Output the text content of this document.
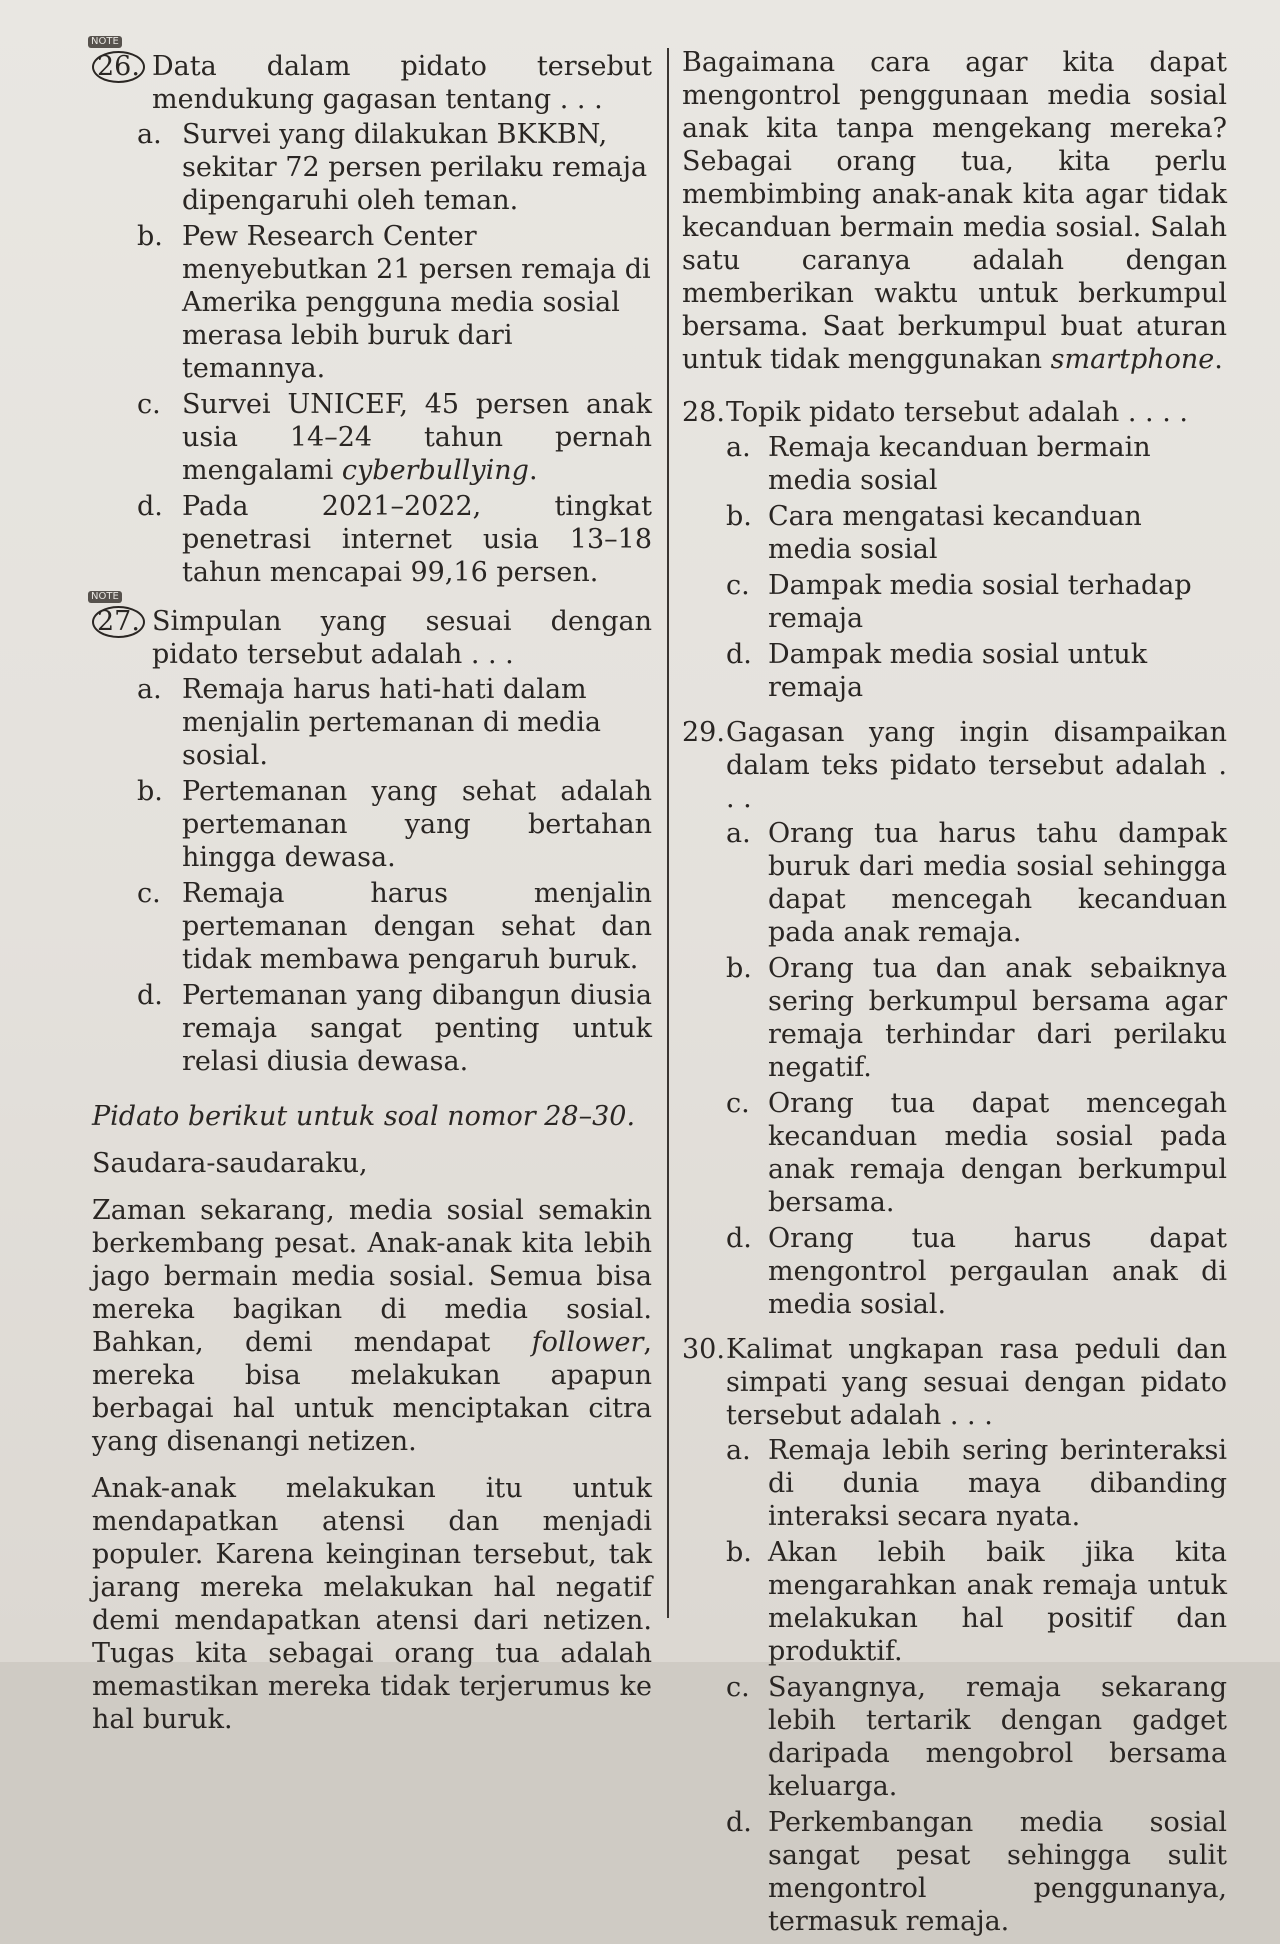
NOTE
26. Data dalam pidato tersebut mendukung gagasan tentang . . .
a. Survei yang dilakukan BKKBN, sekitar 72 persen perilaku remaja dipengaruhi oleh teman.
b. Pew Research Center menyebutkan 21 persen remaja di Amerika pengguna media sosial merasa lebih buruk dari temannya.
c. Survei UNICEF, 45 persen anak usia 14–24 tahun pernah mengalami cyberbullying.
d. Pada 2021–2022, tingkat penetrasi internet usia 13–18 tahun mencapai 99,16 persen.
NOTE
27. Simpulan yang sesuai dengan pidato tersebut adalah . . .
a. Remaja harus hati-hati dalam menjalin pertemanan di media sosial.
b. Pertemanan yang sehat adalah pertemanan yang bertahan hingga dewasa.
c. Remaja harus menjalin pertemanan dengan sehat dan tidak membawa pengaruh buruk.
d. Pertemanan yang dibangun diusia remaja sangat penting untuk relasi diusia dewasa.
Pidato berikut untuk soal nomor 28–30.
Saudara-saudaraku,
Zaman sekarang, media sosial semakin berkembang pesat. Anak-anak kita lebih jago bermain media sosial. Semua bisa mereka bagikan di media sosial. Bahkan, demi mendapat follower, mereka bisa melakukan apapun berbagai hal untuk menciptakan citra yang disenangi netizen.
Anak-anak melakukan itu untuk mendapatkan atensi dan menjadi populer. Karena keinginan tersebut, tak jarang mereka melakukan hal negatif demi mendapatkan atensi dari netizen. Tugas kita sebagai orang tua adalah memastikan mereka tidak terjerumus ke hal buruk.
Bagaimana cara agar kita dapat mengontrol penggunaan media sosial anak kita tanpa mengekang mereka? Sebagai orang tua, kita perlu membimbing anak-anak kita agar tidak kecanduan bermain media sosial. Salah satu caranya adalah dengan memberikan waktu untuk berkumpul bersama. Saat berkumpul buat aturan untuk tidak menggunakan smartphone.
28. Topik pidato tersebut adalah . . . .
a. Remaja kecanduan bermain media sosial
b. Cara mengatasi kecanduan media sosial
c. Dampak media sosial terhadap remaja
d. Dampak media sosial untuk remaja
29. Gagasan yang ingin disampaikan dalam teks pidato tersebut adalah . . .
a. Orang tua harus tahu dampak buruk dari media sosial sehingga dapat mencegah kecanduan pada anak remaja.
b. Orang tua dan anak sebaiknya sering berkumpul bersama agar remaja terhindar dari perilaku negatif.
c. Orang tua dapat mencegah kecanduan media sosial pada anak remaja dengan berkumpul bersama.
d. Orang tua harus dapat mengontrol pergaulan anak di media sosial.
30. Kalimat ungkapan rasa peduli dan simpati yang sesuai dengan pidato tersebut adalah . . .
a. Remaja lebih sering berinteraksi di dunia maya dibanding interaksi secara nyata.
b. Akan lebih baik jika kita mengarahkan anak remaja untuk melakukan hal positif dan produktif.
c. Sayangnya, remaja sekarang lebih tertarik dengan gadget daripada mengobrol bersama keluarga.
d. Perkembangan media sosial sangat pesat sehingga sulit mengontrol penggunanya, termasuk remaja.
